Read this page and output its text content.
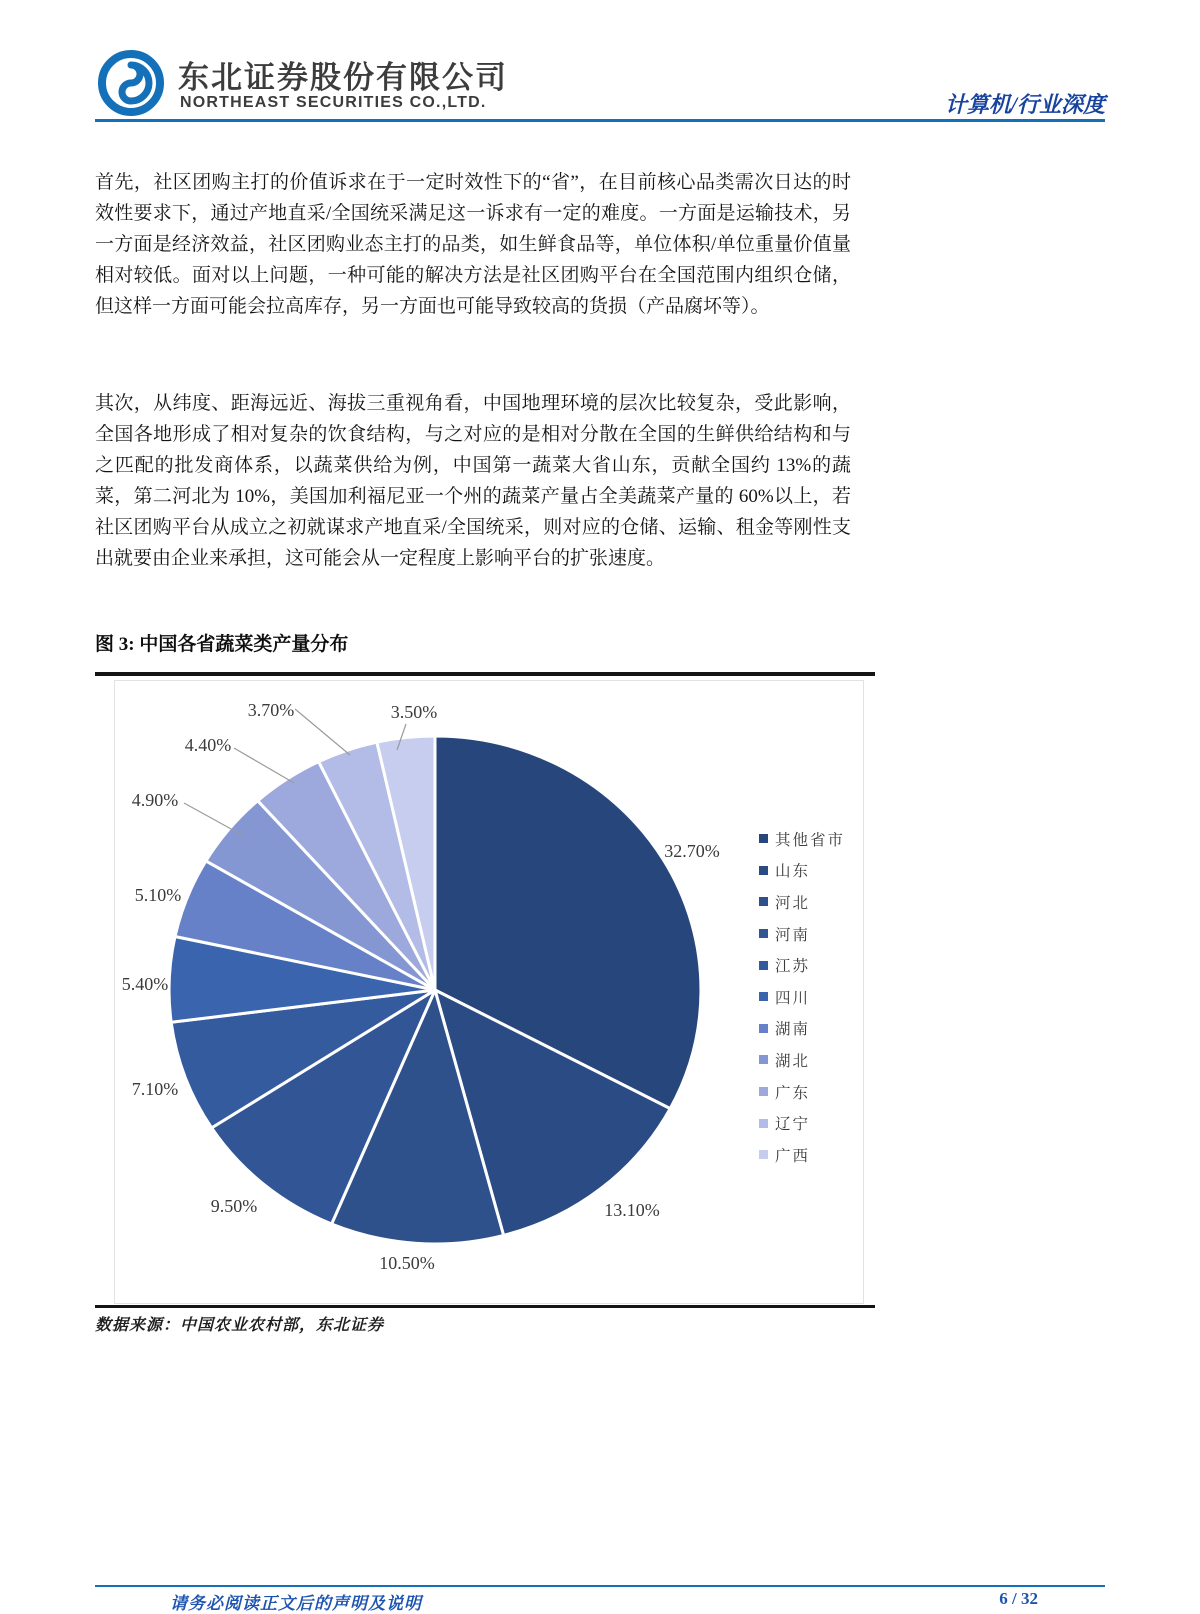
东北证券股份有限公司
NORTHEAST SECURITIES CO.,LTD.	计算机/行业深度
首先，社区团购主打的价值诉求在于一定时效性下的“省”，在目前核心品类需次日达的时效性要求下，通过产地直采/全国统采满足这一诉求有一定的难度。一方面是运输技术，另一方面是经济效益，社区团购业态主打的品类，如生鲜食品等，单位体积/单位重量价值量相对较低。面对以上问题，一种可能的解决方法是社区团购平台在全国范围内组织仓储，但这样一方面可能会拉高库存，另一方面也可能导致较高的货损（产品腐坏等）。
其次，从纬度、距海远近、海拔三重视角看，中国地理环境的层次比较复杂，受此影响，全国各地形成了相对复杂的饮食结构，与之对应的是相对分散在全国的生鲜供给结构和与之匹配的批发商体系，以蔬菜供给为例，中国第一蔬菜大省山东，贡献全国约 13%的蔬菜，第二河北为 10%，美国加利福尼亚一个州的蔬菜产量占全美蔬菜产量的 60%以上，若社区团购平台从成立之初就谋求产地直采/全国统采，则对应的仓储、运输、租金等刚性支出就要由企业来承担，这可能会从一定程度上影响平台的扩张速度。
图 3: 中国各省蔬菜类产量分布
32.70%
13.10%
10.50%
9.50%
7.10%
5.40%
5.10%
4.90%
4.40%
3.70%	3.50%
其他省市
山东
河北
河南
江苏
四川
湖南
湖北
广东
辽宁
广西
数据来源：中国农业农村部，东北证券
请务必阅读正文后的声明及说明	6 / 32
